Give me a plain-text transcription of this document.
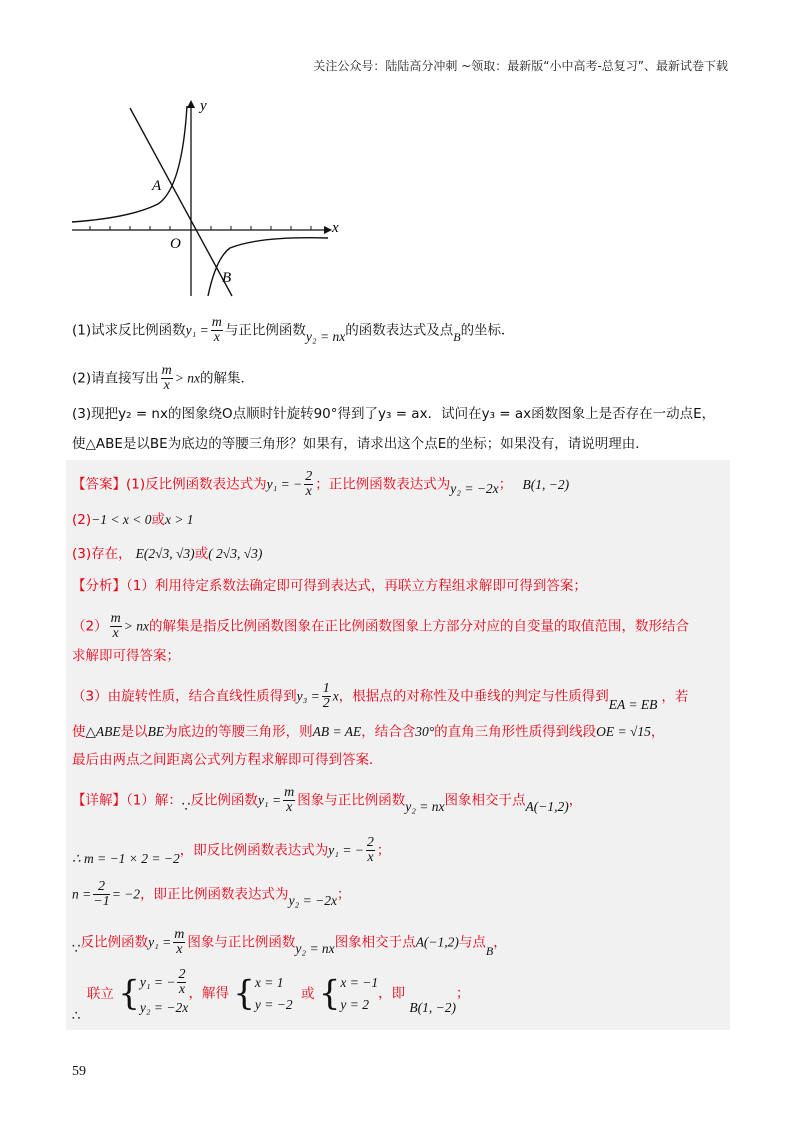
关注公众号：陆陆高分冲刺 ~领取：最新版“小中高考-总复习”、最新试卷下载
y
x
O
A
B
(1)试求反比例函数$y_1 = \frac{m}{x}$ 与正比例函数y₂ = nx的函数表达式及点B的坐标．
(2)请直接写出 $\frac{m}{x}$ > nx的解集．
(3)现把y₂ = nx的图象绕O点顺时针旋转90°得到了y₃ = ax．试问在y₃ = ax函数图象上是否存在一动点E，
使△ABE是以BE为底边的等腰三角形？如果有，请求出这个点E的坐标；如果没有，请说明理由．
【答案】(1)反比例函数表达式为y₁ = − $\frac{2}{x}$ ；正比例函数表达式为y₂ = −2x； B(1, −2)
(2)−1 < x < 0或x > 1
(3)存在， E(2√3, √3)或( 2√3, √3)
【分析】（1）利用待定系数法确定即可得到表达式，再联立方程组求解即可得到答案；
$(2) \frac{m}{x}$ > nx的解集是指反比例函数图象在正比例函数图象上方部分对应的自变量的取值范围，数形结合
求解即可得答案；
（3）由旋转性质，结合直线性质得到$y_3 = \frac{1}{2}$ x，根据点的对称性及中垂线的判定与性质得到EA = EB ，若
使△ABE是以BE为底边的等腰三角形，则AB = AE，结合含30°的直角三角形性质得到线段OE = √15，
最后由两点之间距离公式列方程求解即可得到答案．
【详解】（1）解：∵反比例函数$y_1 = \frac{m}{x}$ 图象与正比例函数y₂ = nx图象相交于点A(−1,2)，
∴ m = −1 × 2 = −2，即反比例函数表达式为y₁ = − $\frac{2}{x}$ ；
$n = \frac{2}{-1} = -2$，即正比例函数表达式为y₂ = −2x；
∵反比例函数$y_1 = \frac{m}{x}$ 图象与正比例函数y₂ = nx图象相交于点A(−1,2)与点B，
∴ 联立 { y₁ = − $\frac{2}{x}$
y₂ = −2x
，解得 { x = 1
y = −2
或 { x = −1
y = 2
，即 B(1, −2)；
59
